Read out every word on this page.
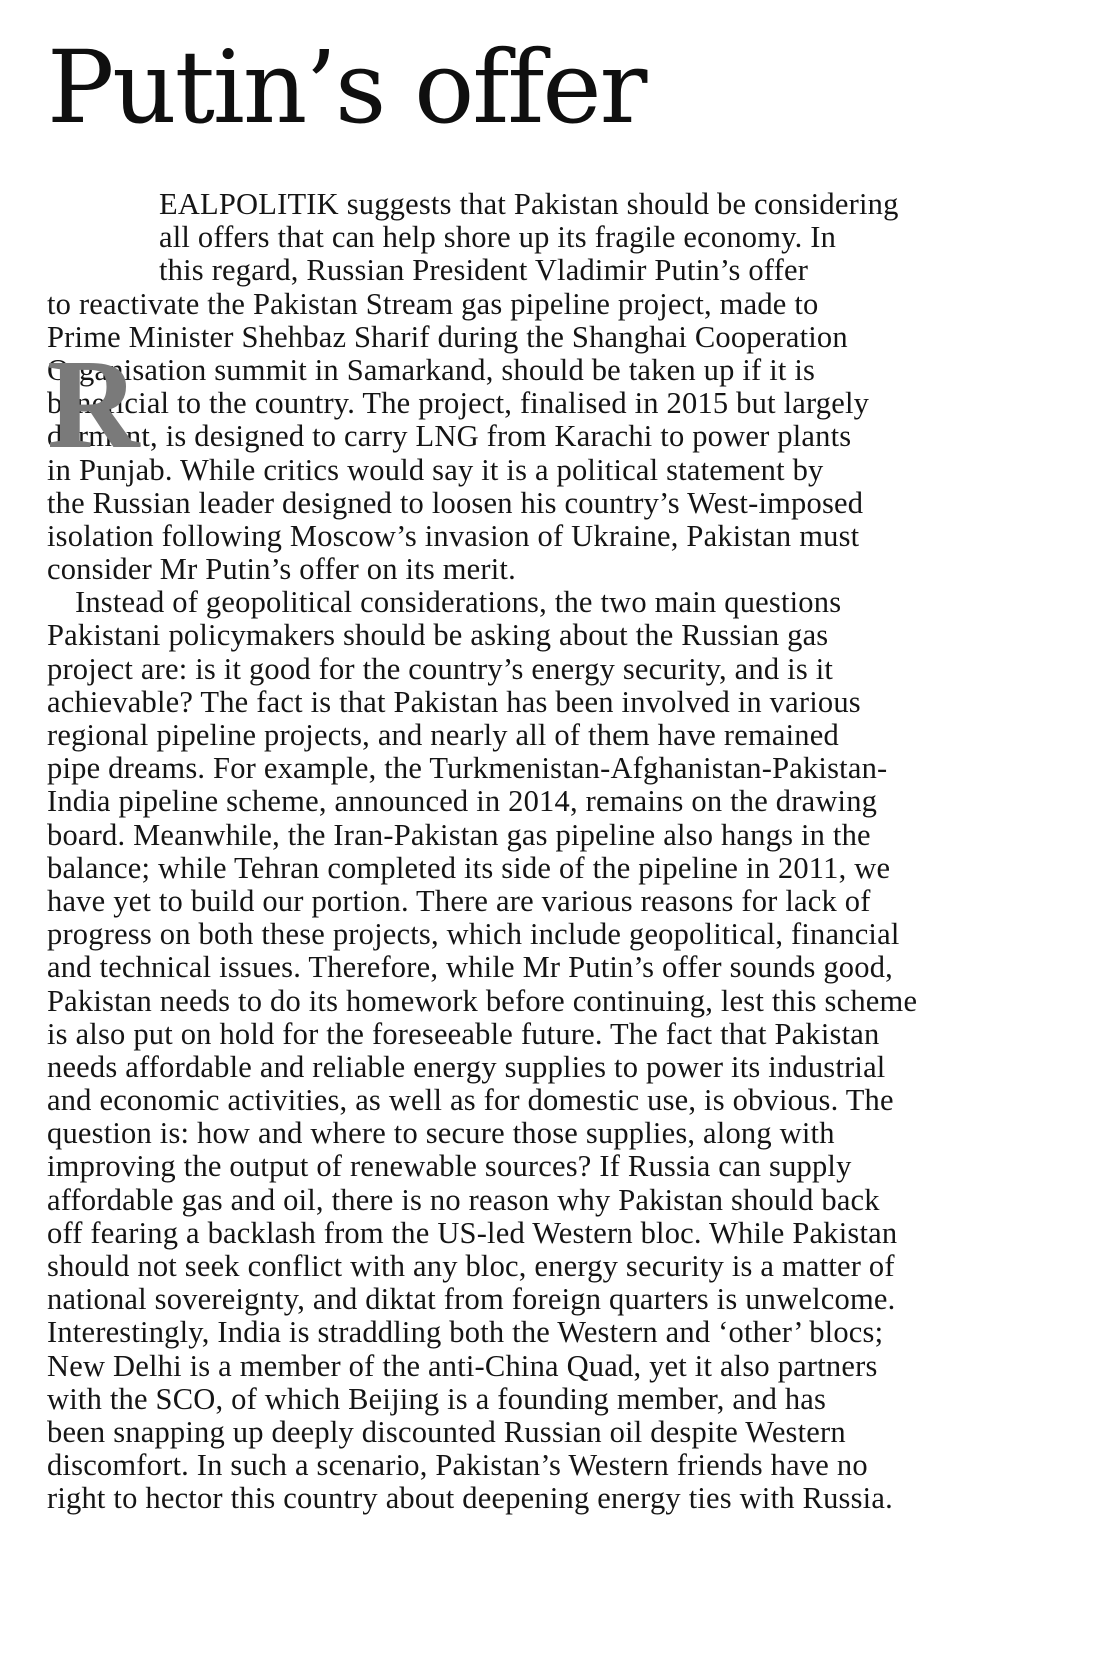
Putin’s offer
R
EALPOLITIK suggests that Pakistan should be considering
all offers that can help shore up its fragile economy. In
this regard, Russian President Vladimir Putin’s offer
to reactivate the Pakistan Stream gas pipeline project, made to
Prime Minister Shehbaz Sharif during the Shanghai Cooperation
Organisation summit in Samarkand, should be taken up if it is
beneficial to the country. The project, finalised in 2015 but largely
dormant, is designed to carry LNG from Karachi to power plants
in Punjab. While critics would say it is a political statement by
the Russian leader designed to loosen his country’s West-imposed
isolation following Moscow’s invasion of Ukraine, Pakistan must
consider Mr Putin’s offer on its merit.
Instead of geopolitical considerations, the two main questions
Pakistani policymakers should be asking about the Russian gas
project are: is it good for the country’s energy security, and is it
achievable? The fact is that Pakistan has been involved in various
regional pipeline projects, and nearly all of them have remained
pipe dreams. For example, the Turkmenistan-Afghanistan-Pakistan-
India pipeline scheme, announced in 2014, remains on the drawing
board. Meanwhile, the Iran-Pakistan gas pipeline also hangs in the
balance; while Tehran completed its side of the pipeline in 2011, we
have yet to build our portion. There are various reasons for lack of
progress on both these projects, which include geopolitical, financial
and technical issues. Therefore, while Mr Putin’s offer sounds good,
Pakistan needs to do its homework before continuing, lest this scheme
is also put on hold for the foreseeable future. The fact that Pakistan
needs affordable and reliable energy supplies to power its industrial
and economic activities, as well as for domestic use, is obvious. The
question is: how and where to secure those supplies, along with
improving the output of renewable sources? If Russia can supply
affordable gas and oil, there is no reason why Pakistan should back
off fearing a backlash from the US-led Western bloc. While Pakistan
should not seek conflict with any bloc, energy security is a matter of
national sovereignty, and diktat from foreign quarters is unwelcome.
Interestingly, India is straddling both the Western and ‘other’ blocs;
New Delhi is a member of the anti-China Quad, yet it also partners
with the SCO, of which Beijing is a founding member, and has
been snapping up deeply discounted Russian oil despite Western
discomfort. In such a scenario, Pakistan’s Western friends have no
right to hector this country about deepening energy ties with Russia.
